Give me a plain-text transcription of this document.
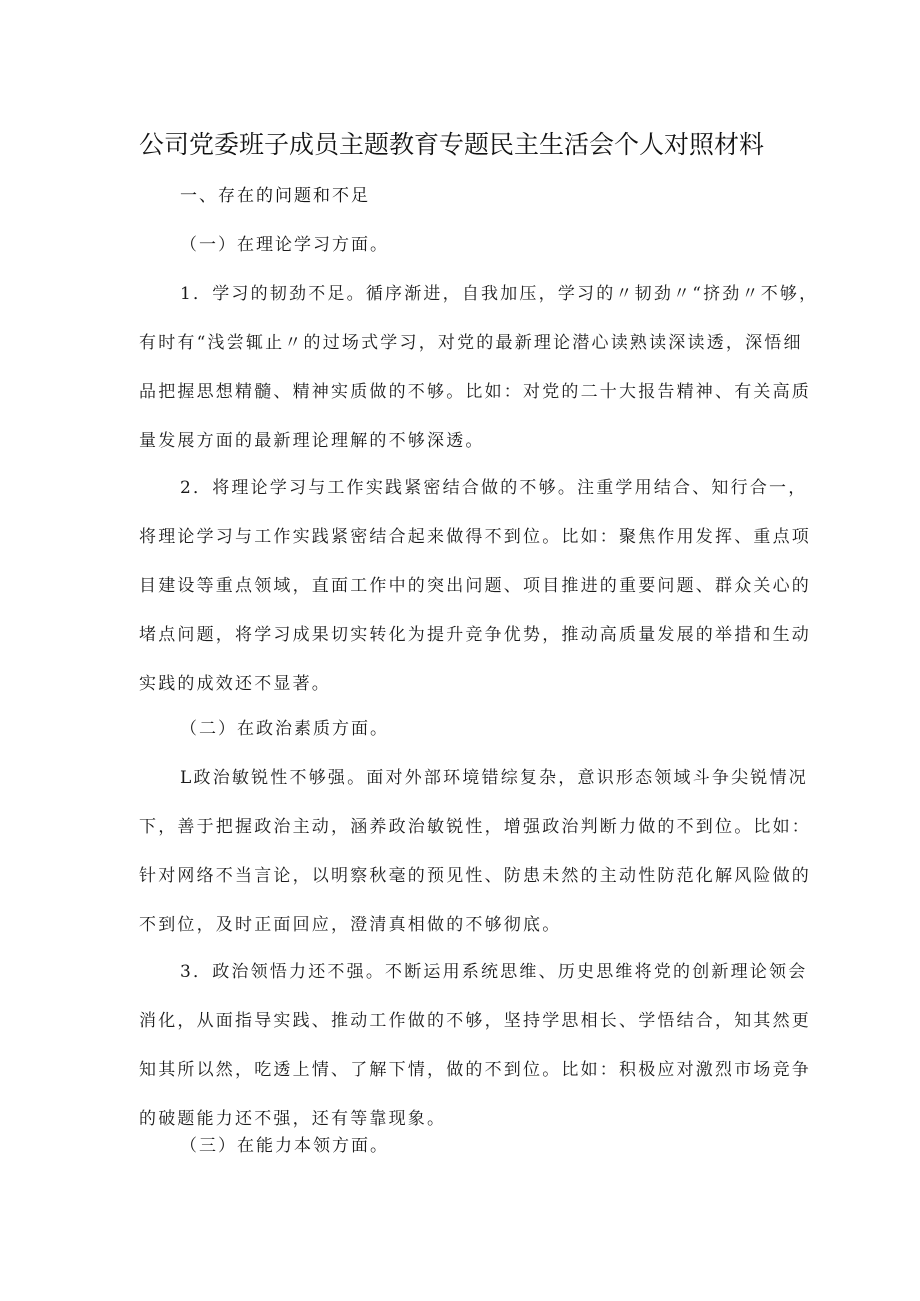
公司党委班子成员主题教育专题民主生活会个人对照材料
一、存在的问题和不足
（一）在理论学习方面。
1．学习的韧劲不足。循序渐进，自我加压，学习的〃韧劲〃“挤劲〃不够，
有时有“浅尝辄止〃的过场式学习，对党的最新理论潜心读熟读深读透，深悟细
品把握思想精髓、精神实质做的不够。比如：对党的二十大报告精神、有关高质
量发展方面的最新理论理解的不够深透。
2．将理论学习与工作实践紧密结合做的不够。注重学用结合、知行合一，
将理论学习与工作实践紧密结合起来做得不到位。比如：聚焦作用发挥、重点项
目建设等重点领域，直面工作中的突出问题、项目推进的重要问题、群众关心的
堵点问题，将学习成果切实转化为提升竞争优势，推动高质量发展的举措和生动
实践的成效还不显著。
（二）在政治素质方面。
L政治敏锐性不够强。面对外部环境错综复杂，意识形态领域斗争尖锐情况
下，善于把握政治主动，涵养政治敏锐性，增强政治判断力做的不到位。比如：
针对网络不当言论，以明察秋毫的预见性、防患未然的主动性防范化解风险做的
不到位，及时正面回应，澄清真相做的不够彻底。
3．政治领悟力还不强。不断运用系统思维、历史思维将党的创新理论领会
消化，从面指导实践、推动工作做的不够，坚持学思相长、学悟结合，知其然更
知其所以然，吃透上情、了解下情，做的不到位。比如：积极应对激烈市场竞争
的破题能力还不强，还有等靠现象。
（三）在能力本领方面。
